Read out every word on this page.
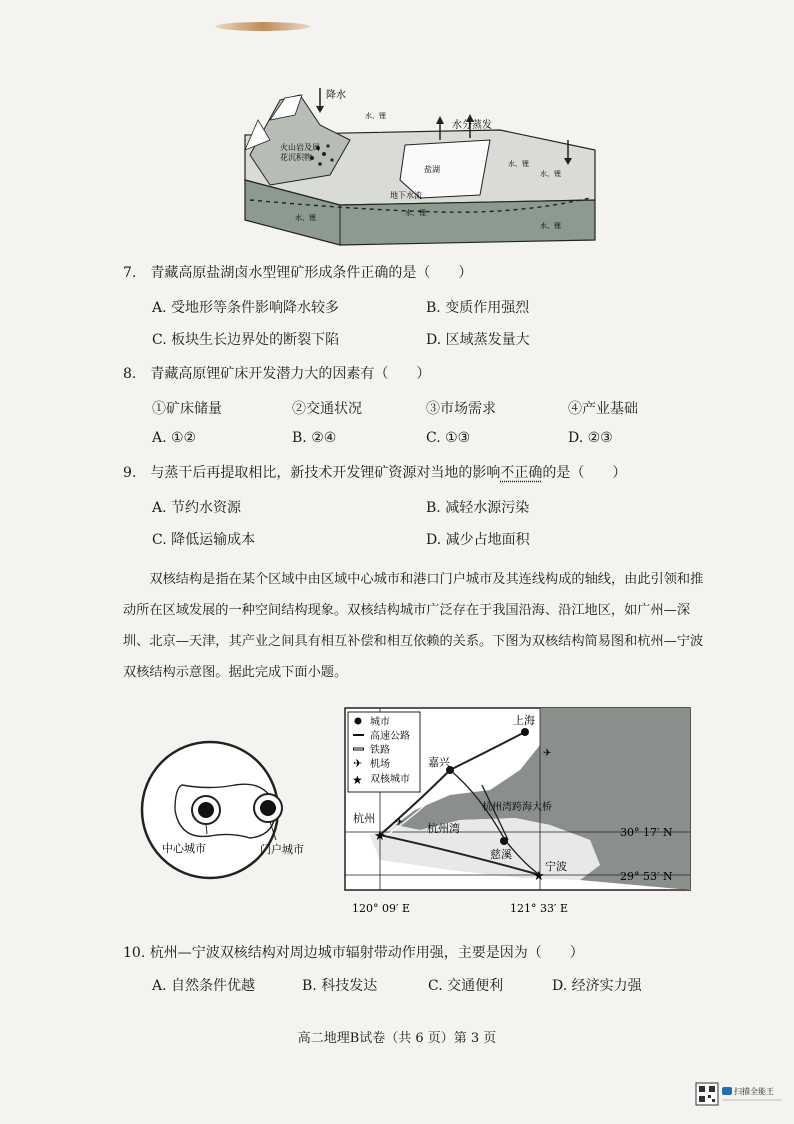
降水
水、锂
火山岩及周
花沉积物
水分蒸发
盐湖
水、锂
水、锂
水、锂
地下水流
水、锂
水、锂
7.　青藏高原盐湖卤水型锂矿形成条件正确的是（　　）
A. 受地形等条件影响降水较多	B. 变质作用强烈
C. 板块生长边界处的断裂下陷	D. 区域蒸发量大
8.　青藏高原锂矿床开发潜力大的因素有（　　）
①矿床储量	②交通状况	③市场需求	④产业基础
A. ①②	B. ②④	C. ①③	D. ②③
9.　与蒸干后再提取相比，新技术开发锂矿资源对当地的影响不正确的是（　　）
A. 节约水资源	B. 减轻水源污染
C. 降低运输成本	D. 减少占地面积

双核结构是指在某个区域中由区域中心城市和港口门户城市及其连线构成的轴线，由此引领和推动所在区域发展的一种空间结构现象。双核结构城市广泛存在于我国沿海、沿江地区，如广州—深圳、北京—天津，其产业之间具有相互补偿和相互依赖的关系。下图为双核结构简易图和杭州—宁波双核结构示意图。据此完成下面小题。

中心城市	门户城市
✈
★
城市
高速公路
铁路
机场
双核城市
★
★
✈
✈
上海
嘉兴
杭州
杭州湾
杭州湾跨海大桥
慈溪
宁波
30° 17′ N
29° 53′ N
120° 09′ E	121° 33′ E
10. 杭州—宁波双核结构对周边城市辐射带动作用强，主要是因为（　　）
A. 自然条件优越	B. 科技发达	C. 交通便利	D. 经济实力强
高二地理B试卷（共 6 页）第 3 页
扫描全能王
